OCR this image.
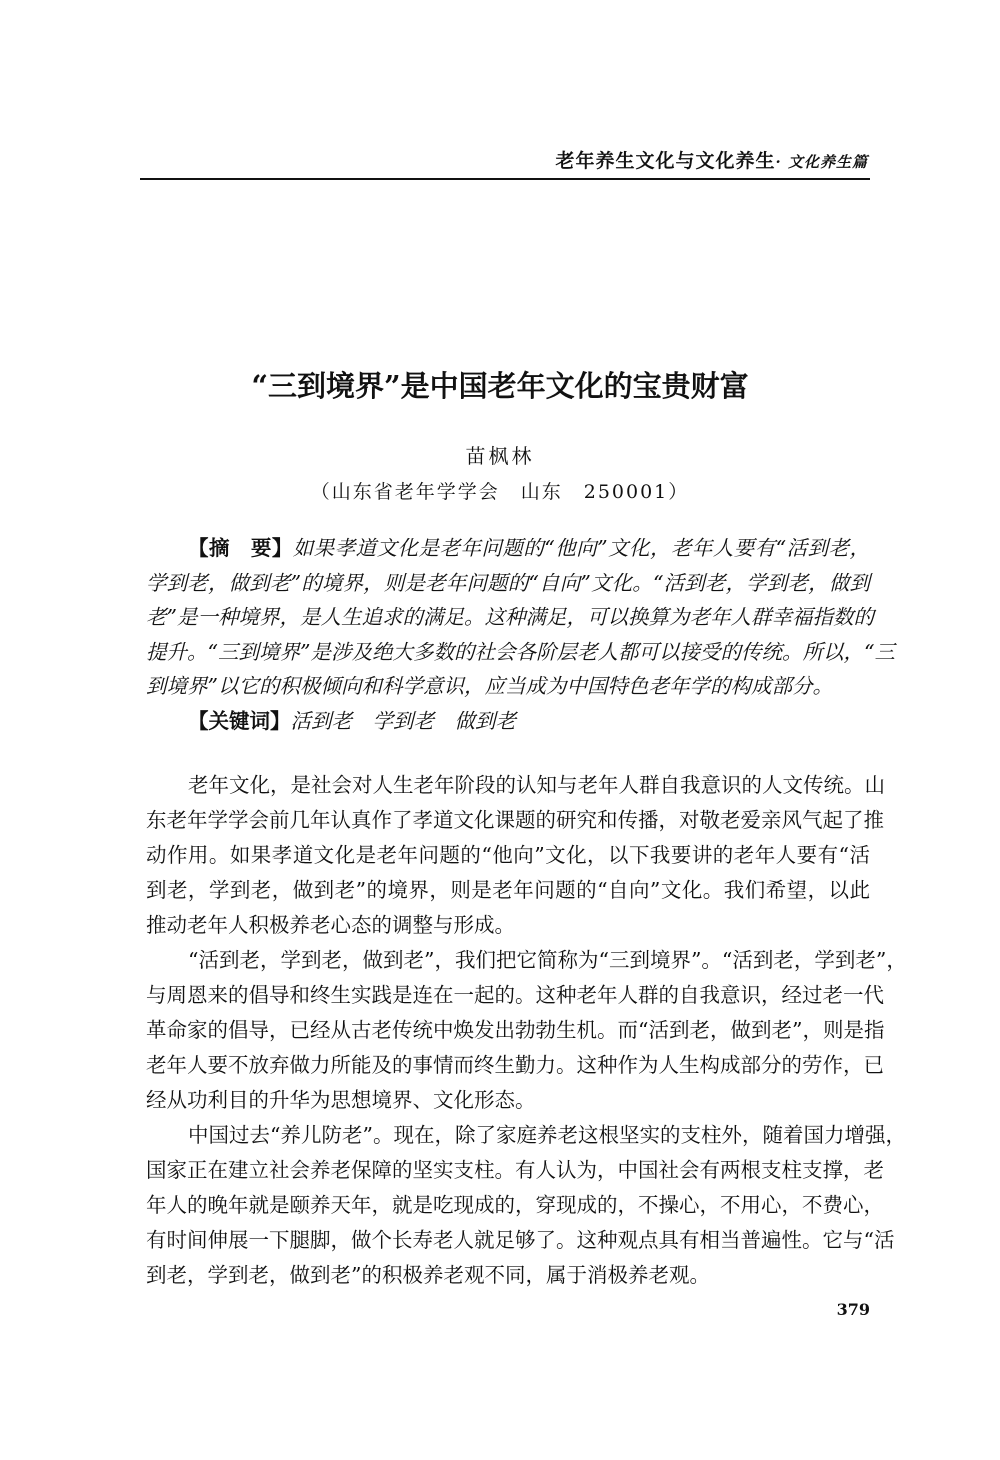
老年养生文化与文化养生· 文化养生篇
“三到境界”是中国老年文化的宝贵财富
苗枫林
（山东省老年学学会　山东　250001）
【摘　要】如果孝道文化是老年问题的“他向”文化，老年人要有“活到老，
学到老，做到老”的境界，则是老年问题的“自向”文化。“活到老，学到老，做到
老”是一种境界，是人生追求的满足。这种满足，可以换算为老年人群幸福指数的
提升。“三到境界”是涉及绝大多数的社会各阶层老人都可以接受的传统。所以，“三
到境界”以它的积极倾向和科学意识，应当成为中国特色老年学的构成部分。
【关键词】活到老　学到老　做到老
老年文化，是社会对人生老年阶段的认知与老年人群自我意识的人文传统。山
东老年学学会前几年认真作了孝道文化课题的研究和传播，对敬老爱亲风气起了推
动作用。如果孝道文化是老年问题的“他向”文化，以下我要讲的老年人要有“活
到老，学到老，做到老”的境界，则是老年问题的“自向”文化。我们希望，以此
推动老年人积极养老心态的调整与形成。
“活到老，学到老，做到老”，我们把它简称为“三到境界”。“活到老，学到老”，
与周恩来的倡导和终生实践是连在一起的。这种老年人群的自我意识，经过老一代
革命家的倡导，已经从古老传统中焕发出勃勃生机。而“活到老，做到老”，则是指
老年人要不放弃做力所能及的事情而终生勤力。这种作为人生构成部分的劳作，已
经从功利目的升华为思想境界、文化形态。
中国过去“养儿防老”。现在，除了家庭养老这根坚实的支柱外，随着国力增强，
国家正在建立社会养老保障的坚实支柱。有人认为，中国社会有两根支柱支撑，老
年人的晚年就是颐养天年，就是吃现成的，穿现成的，不操心，不用心，不费心，
有时间伸展一下腿脚，做个长寿老人就足够了。这种观点具有相当普遍性。它与“活
到老，学到老，做到老”的积极养老观不同，属于消极养老观。
379
